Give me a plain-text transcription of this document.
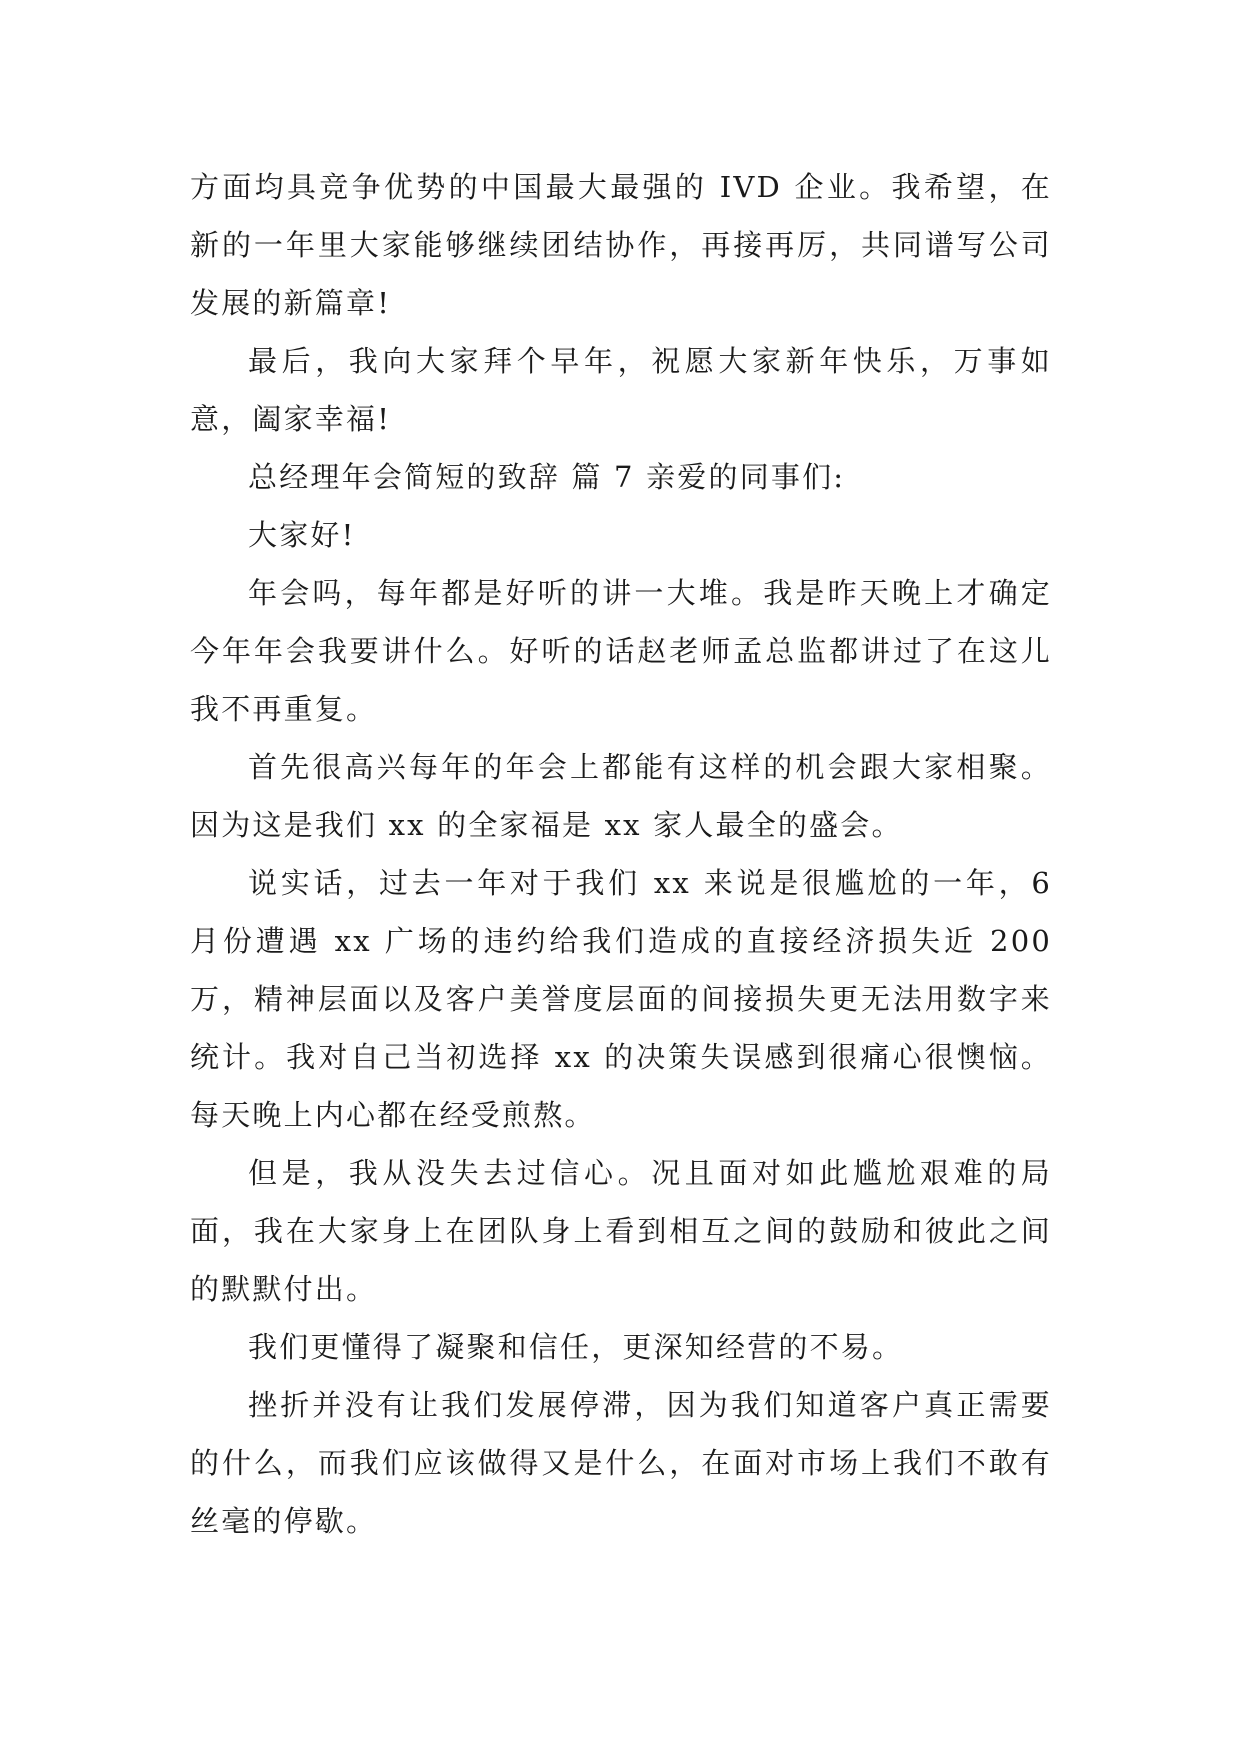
方面均具竞争优势的中国最大最强的 IVD 企业。我希望，在新的一年里大家能够继续团结协作，再接再厉，共同谱写公司发展的新篇章!

最后，我向大家拜个早年，祝愿大家新年快乐，万事如意，阖家幸福!

总经理年会简短的致辞 篇 7 亲爱的同事们:

大家好!

年会吗，每年都是好听的讲一大堆。我是昨天晚上才确定今年年会我要讲什么。好听的话赵老师孟总监都讲过了在这儿我不再重复。

首先很高兴每年的年会上都能有这样的机会跟大家相聚。因为这是我们 xx 的全家福是 xx 家人最全的盛会。

说实话，过去一年对于我们 xx 来说是很尴尬的一年，6 月份遭遇 xx 广场的违约给我们造成的直接经济损失近 200 万，精神层面以及客户美誉度层面的间接损失更无法用数字来统计。我对自己当初选择 xx 的决策失误感到很痛心很懊恼。每天晚上内心都在经受煎熬。

但是，我从没失去过信心。况且面对如此尴尬艰难的局面，我在大家身上在团队身上看到相互之间的鼓励和彼此之间的默默付出。

我们更懂得了凝聚和信任，更深知经营的不易。

挫折并没有让我们发展停滞，因为我们知道客户真正需要的什么，而我们应该做得又是什么，在面对市场上我们不敢有丝毫的停歇。
